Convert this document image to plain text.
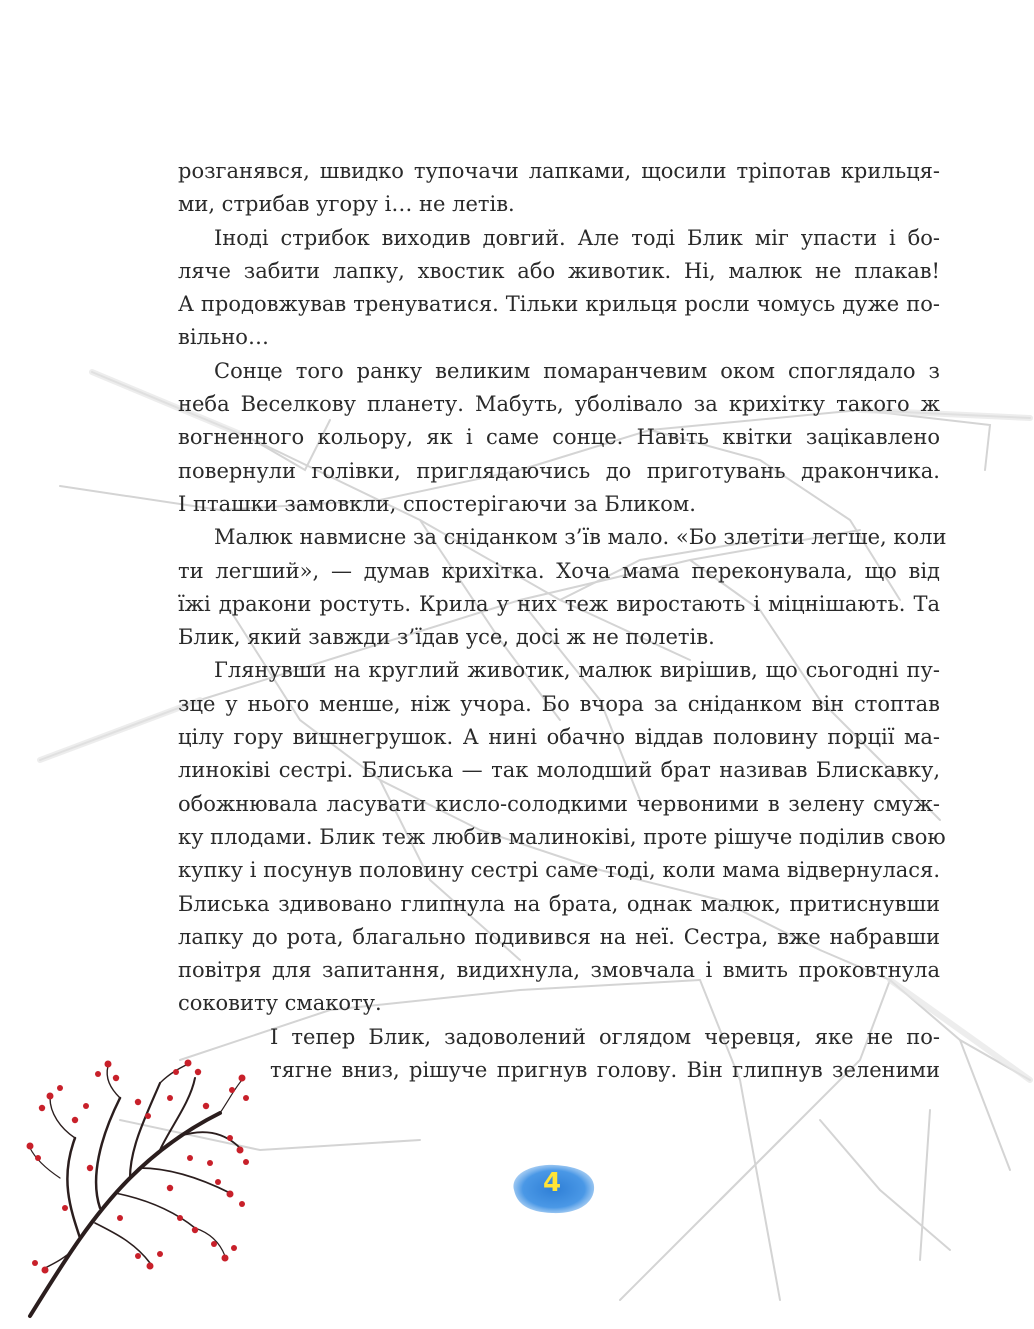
розганявся, швидко тупочачи лапками, щосили тріпотав крильця-
ми, стрибав угору і… не летів.
Іноді стрибок виходив довгий. Але тоді Блик міг упасти і бо-
ляче забити лапку, хвостик або животик. Ні, малюк не плакав!
А продовжував тренуватися. Тільки крильця росли чомусь дуже по-
вільно…
Сонце того ранку великим помаранчевим оком споглядало з
неба Веселкову планету. Мабуть, уболівало за крихітку такого ж
вогненного кольору, як і саме сонце. Навіть квітки зацікавлено
повернули голівки, приглядаючись до приготувань дракончика.
І пташки замовкли, спостерігаючи за Бликом.
Малюк навмисне за сніданком з’їв мало. «Бо злетіти легше, коли
ти легший», — думав крихітка. Хоча мама переконувала, що від
їжі дракони ростуть. Крила у них теж виростають і міцнішають. Та
Блик, який завжди з’їдав усе, досі ж не полетів.
Глянувши на круглий животик, малюк вирішив, що сьогодні пу-
зце у нього менше, ніж учора. Бо вчора за сніданком він стоптав
цілу гору вишнегрушок. А нині обачно віддав половину порції ма-
линоківі сестрі. Блиська — так молодший брат називав Блискавку,
обожнювала ласувати кисло-солодкими червоними в зелену смуж-
ку плодами. Блик теж любив малиноківі, проте рішуче поділив свою
купку і посунув половину сестрі саме тоді, коли мама відвернулася.
Блиська здивовано глипнула на брата, однак малюк, притиснувши
лапку до рота, благально подивився на неї. Сестра, вже набравши
повітря для запитання, видихнула, змовчала і вмить проковтнула
соковиту смакоту.
І тепер Блик, задоволений оглядом черевця, яке не по-
тягне вниз, рішуче пригнув голову. Він глипнув зеленими
4
